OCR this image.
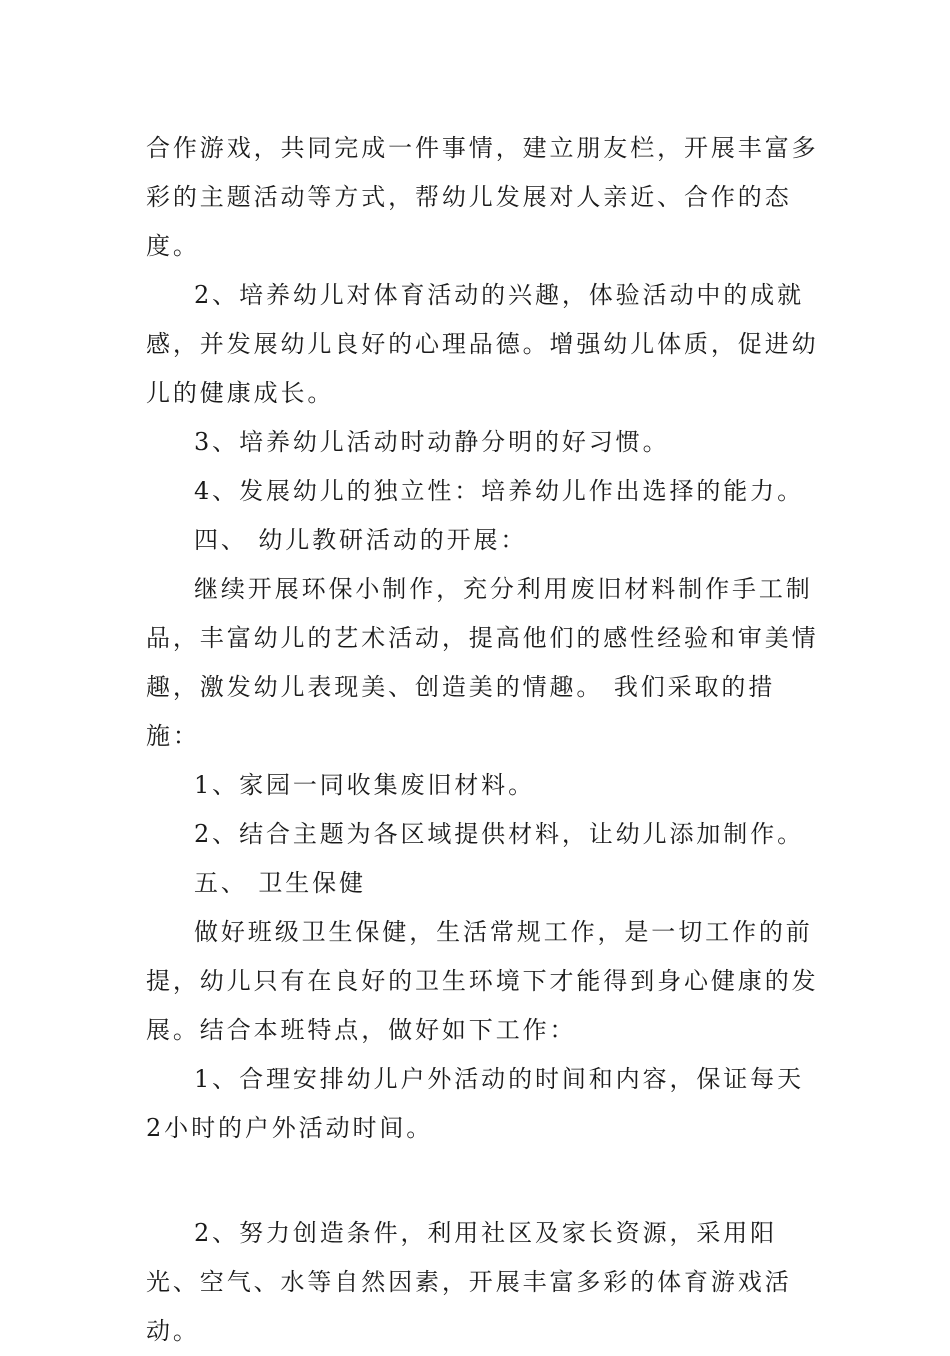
合作游戏，共同完成一件事情，建立朋友栏，开展丰富多彩的主题活动等方式，帮幼儿发展对人亲近、合作的态度。

2、培养幼儿对体育活动的兴趣，体验活动中的成就感，并发展幼儿良好的心理品德。增强幼儿体质，促进幼儿的健康成长。

3、培养幼儿活动时动静分明的好习惯。

4、发展幼儿的独立性：培养幼儿作出选择的能力。

四、 幼儿教研活动的开展：

继续开展环保小制作，充分利用废旧材料制作手工制品，丰富幼儿的艺术活动，提高他们的感性经验和审美情趣，激发幼儿表现美、创造美的情趣。 我们采取的措施：

1、家园一同收集废旧材料。

2、结合主题为各区域提供材料，让幼儿添加制作。

五、 卫生保健

做好班级卫生保健，生活常规工作，是一切工作的前提，幼儿只有在良好的卫生环境下才能得到身心健康的发展。结合本班特点，做好如下工作：

1、合理安排幼儿户外活动的时间和内容，保证每天2小时的户外活动时间。

2、努力创造条件，利用社区及家长资源，采用阳光、空气、水等自然因素，开展丰富多彩的体育游戏活动。
